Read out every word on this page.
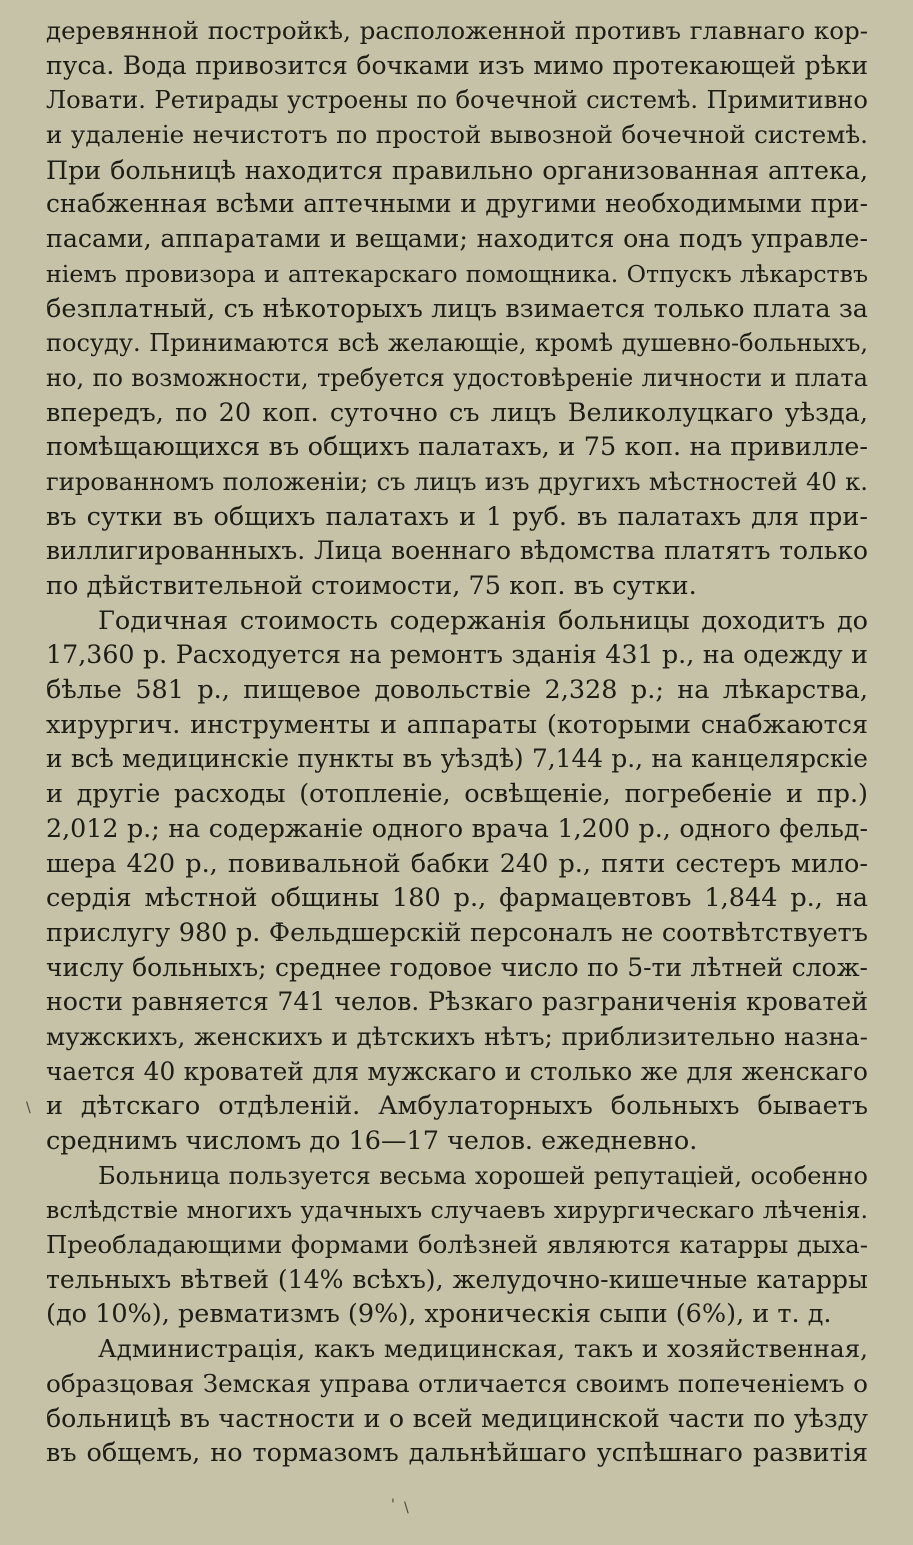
деревянной постройкѣ, расположенной противъ главнаго кор-
пуса. Вода привозится бочками изъ мимо протекающей рѣки
Ловати. Ретирады устроены по бочечной системѣ. Примитивно
и удаленіе нечистотъ по простой вывозной бочечной системѣ.
При больницѣ находится правильно организованная аптека,
снабженная всѣми аптечными и другими необходимыми при-
пасами, аппаратами и вещами; находится она подъ управле-
ніемъ провизора и аптекарскаго помощника. Отпускъ лѣкарствъ
безплатный, съ нѣкоторыхъ лицъ взимается только плата за
посуду. Принимаются всѣ желающіе, кромѣ душевно-больныхъ,
но, по возможности, требуется удостовѣреніе личности и плата
впередъ, по 20 коп. суточно съ лицъ Великолуцкаго уѣзда,
помѣщающихся въ общихъ палатахъ, и 75 коп. на привилле-
гированномъ положеніи; съ лицъ изъ другихъ мѣстностей 40 к.
въ сутки въ общихъ палатахъ и 1 руб. въ палатахъ для при-
виллигированныхъ. Лица военнаго вѣдомства платятъ только
по дѣйствительной стоимости, 75 коп. въ сутки.
Годичная стоимость содержанія больницы доходитъ до
17,360 р. Расходуется на ремонтъ зданія 431 р., на одежду и
бѣлье 581 р., пищевое довольствіе 2,328 р.; на лѣкарства,
хирургич. инструменты и аппараты (которыми снабжаются
и всѣ медицинскіе пункты въ уѣздѣ) 7,144 р., на канцелярскіе
и другіе расходы (отопленіе, освѣщеніе, погребеніе и пр.)
2,012 р.; на содержаніе одного врача 1,200 р., одного фельд-
шера 420 р., повивальной бабки 240 р., пяти сестеръ мило-
сердія мѣстной общины 180 р., фармацевтовъ 1,844 р., на
прислугу 980 р. Фельдшерскій персоналъ не соотвѣтствуетъ
числу больныхъ; среднее годовое число по 5-ти лѣтней слож-
ности равняется 741 челов. Рѣзкаго разграниченія кроватей
мужскихъ, женскихъ и дѣтскихъ нѣтъ; приблизительно назна-
чается 40 кроватей для мужскаго и столько же для женскаго
и дѣтскаго отдѣленій. Амбулаторныхъ больныхъ бываетъ
среднимъ числомъ до 16—17 челов. ежедневно.
Больница пользуется весьма хорошей репутаціей, особенно
вслѣдствіе многихъ удачныхъ случаевъ хирургическаго лѣченія.
Преобладающими формами болѣзней являются катарры дыха-
тельныхъ вѣтвей (14% всѣхъ), желудочно-кишечные катарры
(до 10%), ревматизмъ (9%), хроническія сыпи (6%), и т. д.
Администрація, какъ медицинская, такъ и хозяйственная,
образцовая Земская управа отличается своимъ попеченіемъ о
больницѣ въ частности и о всей медицинской части по уѣзду
въ общемъ, но тормазомъ дальнѣйшаго успѣшнаго развитія
' \
\
